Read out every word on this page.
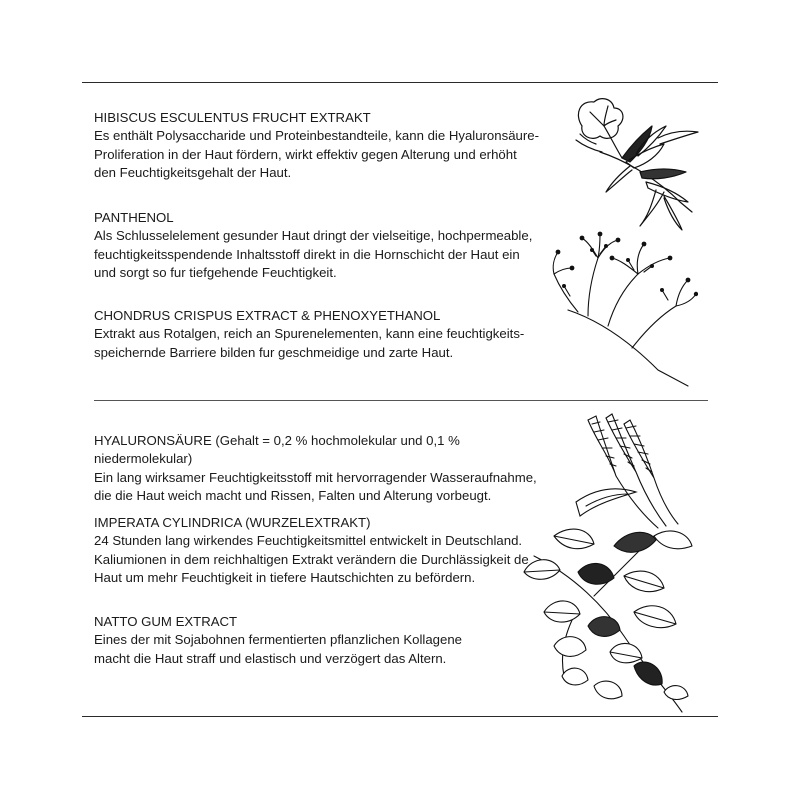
HIBISCUS ESCULENTUS FRUCHT EXTRAKT
Es enthält Polysaccharide und Proteinbestandteile, kann die Hyaluronsäure-
Proliferation in der Haut fördern, wirkt effektiv gegen Alterung und erhöht
den Feuchtigkeitsgehalt der Haut.
PANTHENOL
Als Schlusselelement gesunder Haut dringt der vielseitige, hochpermeable,
feuchtigkeitsspendende Inhaltsstoff direkt in die Hornschicht der Haut ein
und sorgt so fur tiefgehende Feuchtigkeit.
CHONDRUS CRISPUS EXTRACT & PHENOXYETHANOL
Extrakt aus Rotalgen, reich an Spurenelementen, kann eine feuchtigkeits-
speichernde Barriere bilden fur geschmeidige und zarte Haut.
HYALURONSÄURE (Gehalt = 0,2 % hochmolekular und 0,1 % niedermolekular)
Ein lang wirksamer Feuchtigkeitsstoff mit hervorragender Wasseraufnahme,
die die Haut weich macht und Rissen, Falten und Alterung vorbeugt.
IMPERATA CYLINDRICA (WURZELEXTRAKT)
24 Stunden lang wirkendes Feuchtigkeitsmittel entwickelt in Deutschland.
Kaliumionen in dem reichhaltigen Extrakt verändern die Durchlässigkeit de
Haut um mehr Feuchtigkeit in tiefere Hautschichten zu befördern.
NATTO GUM EXTRACT
Eines der mit Sojabohnen fermentierten pflanzlichen Kollagene
macht die Haut straff und elastisch und verzögert das Altern.
